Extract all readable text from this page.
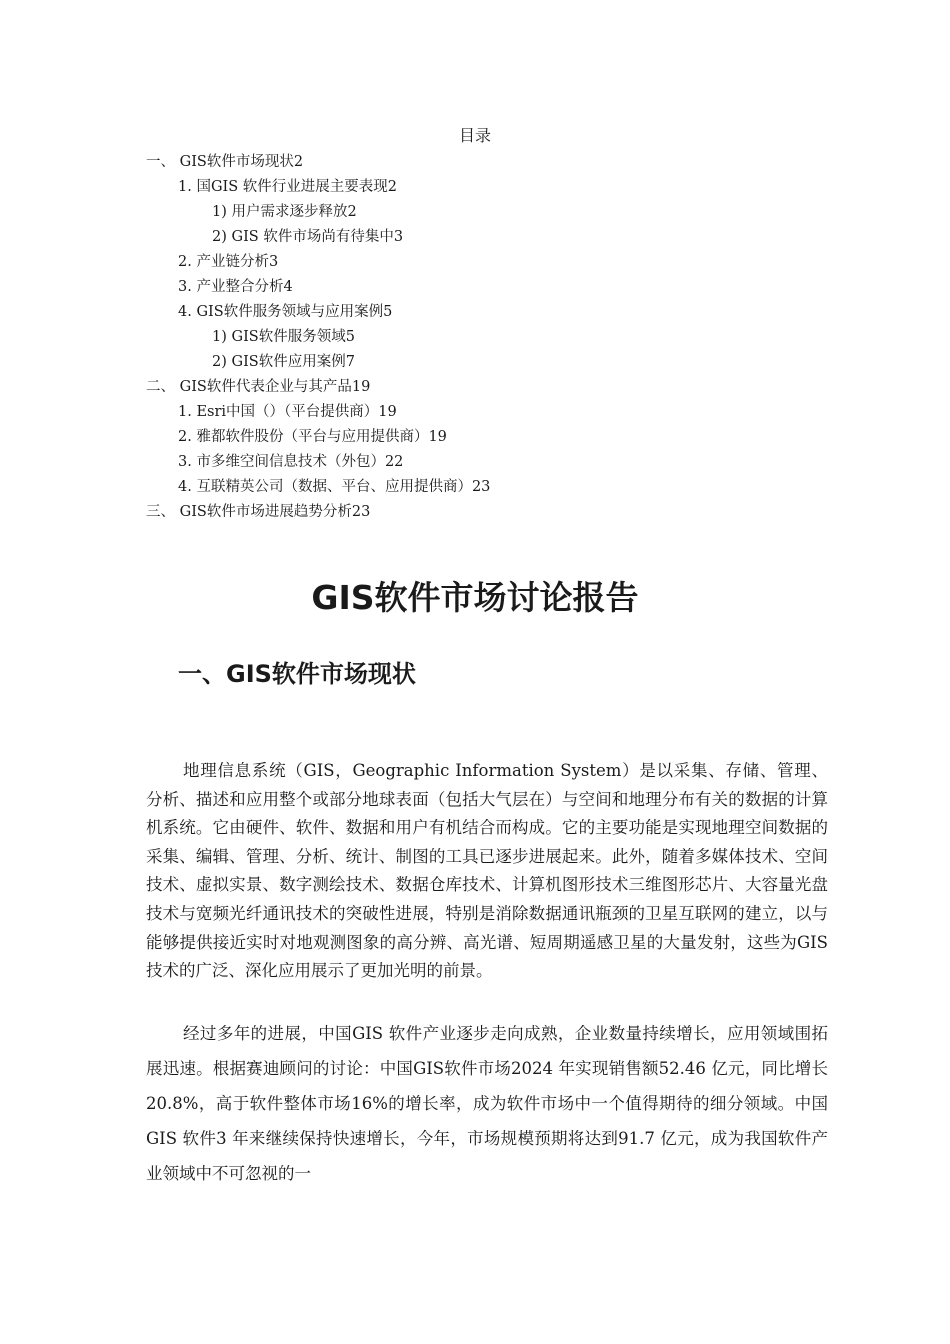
目录
一、 GIS软件市场现状2
1. 国GIS 软件行业进展主要表现2
1) 用户需求逐步释放2
2) GIS 软件市场尚有待集中3
2. 产业链分析3
3. 产业整合分析4
4. GIS软件服务领域与应用案例5
1) GIS软件服务领域5
2) GIS软件应用案例7
二、 GIS软件代表企业与其产品19
1. Esri中国（）（平台提供商）19
2. 雅都软件股份（平台与应用提供商）19
3. 市多维空间信息技术（外包）22
4. 互联精英公司（数据、平台、应用提供商）23
三、 GIS软件市场进展趋势分析23
GIS软件市场讨论报告
一、GIS软件市场现状
地理信息系统（GIS，Geographic Information System）是以采集、存储、管理、分析、描述和应用整个或部分地球表面（包括大气层在）与空间和地理分布有关的数据的计算机系统。它由硬件、软件、数据和用户有机结合而构成。它的主要功能是实现地理空间数据的采集、编辑、管理、分析、统计、制图的工具已逐步进展起来。此外，随着多媒体技术、空间技术、虚拟实景、数字测绘技术、数据仓库技术、计算机图形技术三维图形芯片、大容量光盘技术与宽频光纤通讯技术的突破性进展，特别是消除数据通讯瓶颈的卫星互联网的建立，以与能够提供接近实时对地观测图象的高分辨、高光谱、短周期遥感卫星的大量发射，这些为GIS技术的广泛、深化应用展示了更加光明的前景。
经过多年的进展，中国GIS 软件产业逐步走向成熟，企业数量持续增长，应用领域围拓展迅速。根据赛迪顾问的讨论：中国GIS软件市场2024 年实现销售额52.46 亿元，同比增长20.8%，高于软件整体市场16%的增长率，成为软件市场中一个值得期待的细分领域。中国GIS 软件3 年来继续保持快速增长，今年，市场规模预期将达到91.7 亿元，成为我国软件产业领域中不可忽视的一
